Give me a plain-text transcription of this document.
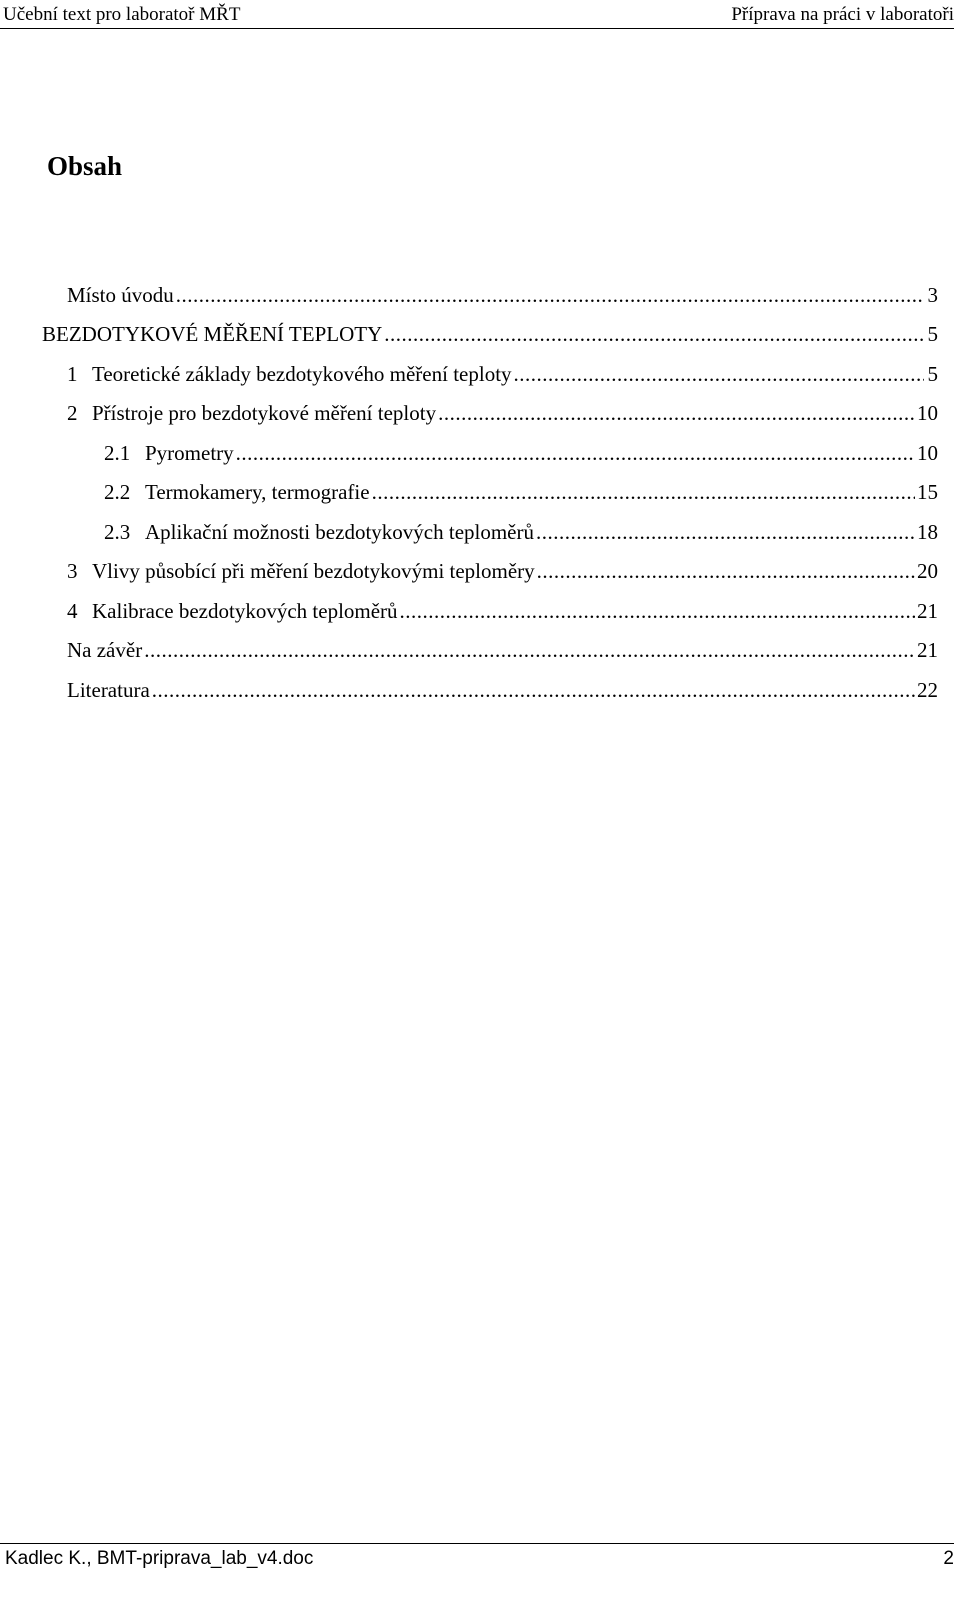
Učební text pro laboratoř MŘT	Příprava na práci v laboratoři
Obsah
Místo úvodu .....	3
BEZDOTYKOVÉ MĚŘENÍ TEPLOTY .....	5
1 Teoretické základy bezdotykového měření teploty .....	5
2 Přístroje pro bezdotykové měření teploty .....	10
2.1 Pyrometry .....	10
2.2 Termokamery, termografie .....	15
2.3 Aplikační možnosti bezdotykových teploměrů .....	18
3 Vlivy působící při měření bezdotykovými teploměry .....	20
4 Kalibrace bezdotykových teploměrů .....	21
Na závěr .....	21
Literatura .....	22
Kadlec K., BMT-priprava_lab_v4.doc	2
